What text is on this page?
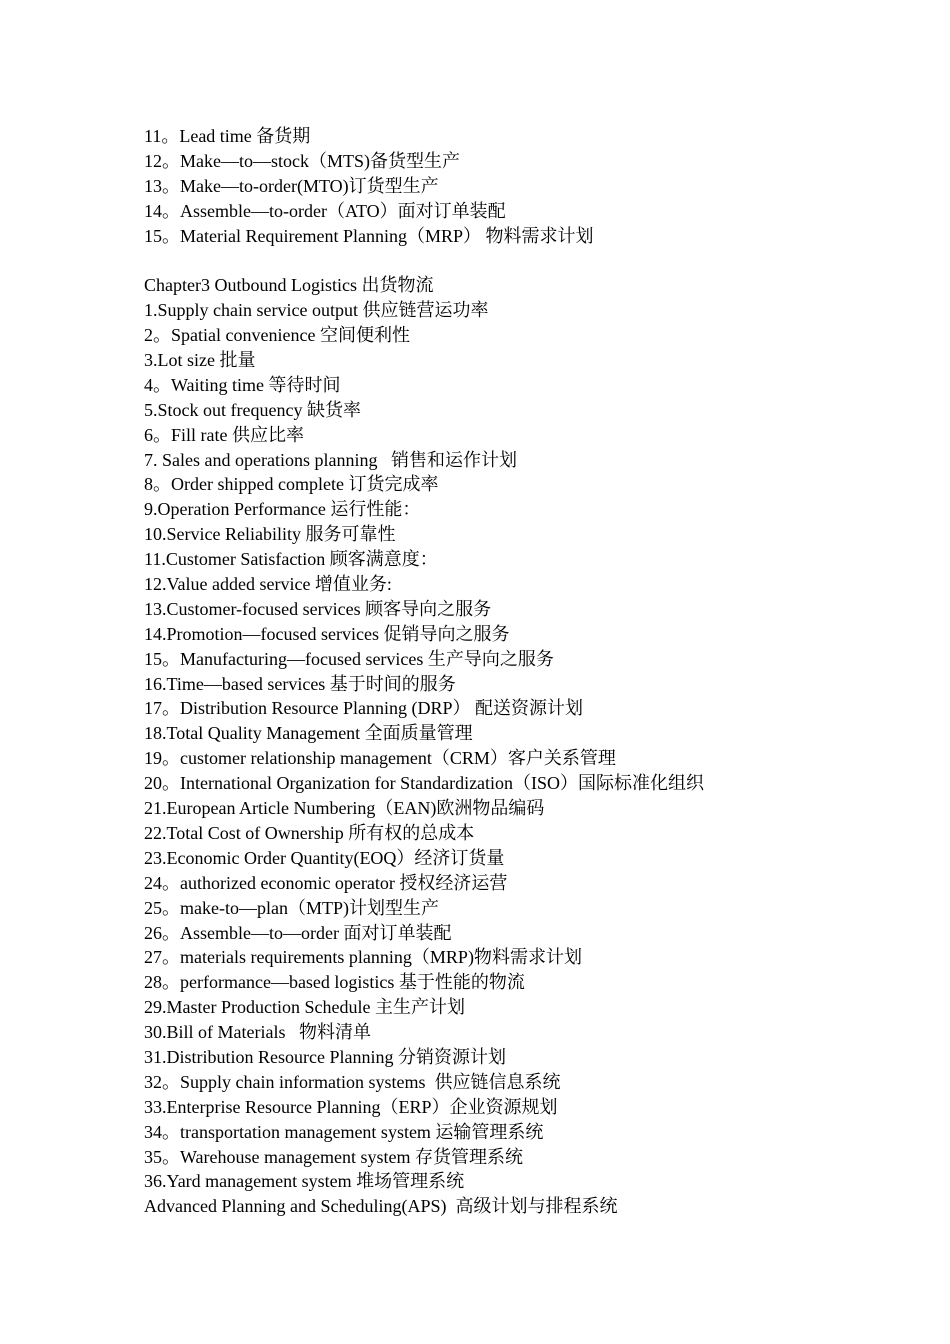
11。Lead time 备货期
12。Make—to—stock（MTS)备货型生产
13。Make—to-order(MTO)订货型生产
14。Assemble—to-order（ATO）面对订单装配
15。Material Requirement Planning（MRP） 物料需求计划
Chapter3 Outbound Logistics 出货物流
1.Supply chain service output 供应链营运功率
2。Spatial convenience 空间便利性
3.Lot size 批量
4。Waiting time 等待时间
5.Stock out frequency 缺货率
6。Fill rate 供应比率
7. Sales and operations planning   销售和运作计划
8。Order shipped complete 订货完成率
9.Operation Performance 运行性能：
10.Service Reliability 服务可靠性
11.Customer Satisfaction 顾客满意度：
12.Value added service 增值业务:
13.Customer-focused services 顾客导向之服务
14.Promotion—focused services 促销导向之服务
15。Manufacturing—focused services 生产导向之服务
16.Time—based services 基于时间的服务
17。Distribution Resource Planning (DRP） 配送资源计划
18.Total Quality Management 全面质量管理
19。customer relationship management（CRM）客户关系管理
20。International Organization for Standardization（ISO）国际标准化组织
21.European Article Numbering（EAN)欧洲物品编码
22.Total Cost of Ownership 所有权的总成本
23.Economic Order Quantity(EOQ）经济订货量
24。authorized economic operator 授权经济运营
25。make-to—plan（MTP)计划型生产
26。Assemble—to—order 面对订单装配
27。materials requirements planning（MRP)物料需求计划
28。performance—based logistics 基于性能的物流
29.Master Production Schedule 主生产计划
30.Bill of Materials   物料清单
31.Distribution Resource Planning 分销资源计划
32。Supply chain information systems  供应链信息系统
33.Enterprise Resource Planning（ERP）企业资源规划
34。transportation management system 运输管理系统
35。Warehouse management system 存货管理系统
36.Yard management system 堆场管理系统
Advanced Planning and Scheduling(APS)  高级计划与排程系统
